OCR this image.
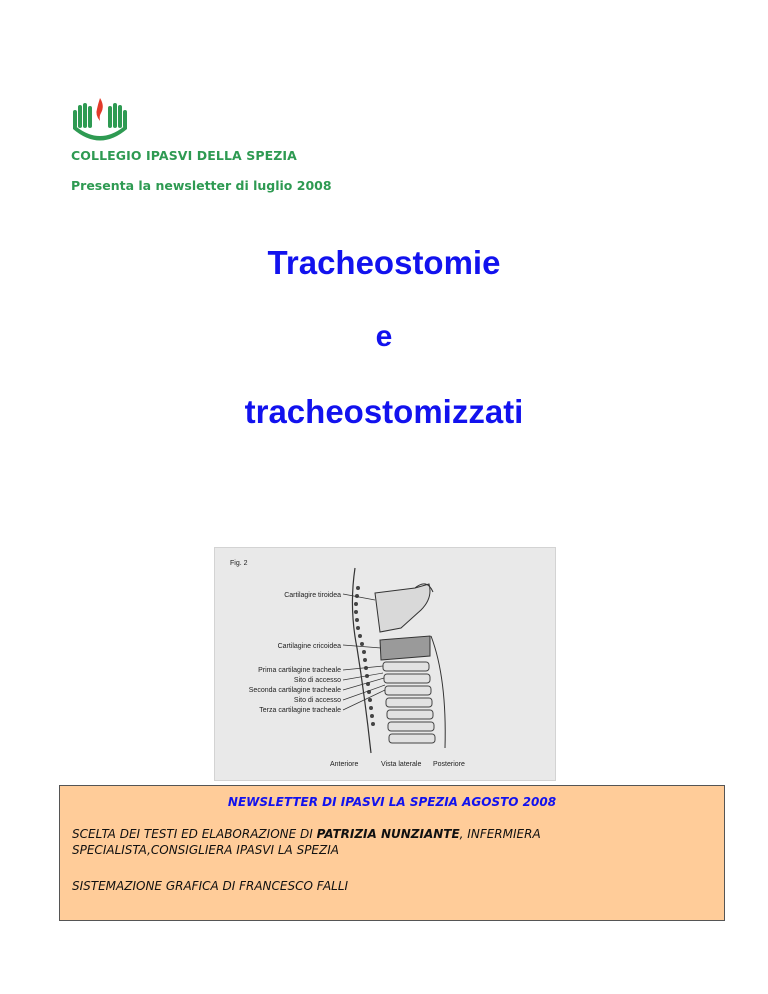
COLLEGIO IPASVI DELLA SPEZIA
Presenta la newsletter di luglio 2008
Tracheostomie
e
tracheostomizzati
Fig. 2
Cartilagire tiroidea
Cartilagine cricoidea
Prima cartilagine tracheale
Sito di accesso
Seconda cartilagine tracheale
Sito di accesso
Terza cartilagine tracheale
Anteriore	Vista laterale Posteriore
NEWSLETTER DI IPASVI LA SPEZIA AGOSTO 2008
SCELTA DEI TESTI ED ELABORAZIONE DI PATRIZIA NUNZIANTE, INFERMIERA SPECIALISTA,CONSIGLIERA IPASVI LA SPEZIA
SISTEMAZIONE GRAFICA DI FRANCESCO FALLI
